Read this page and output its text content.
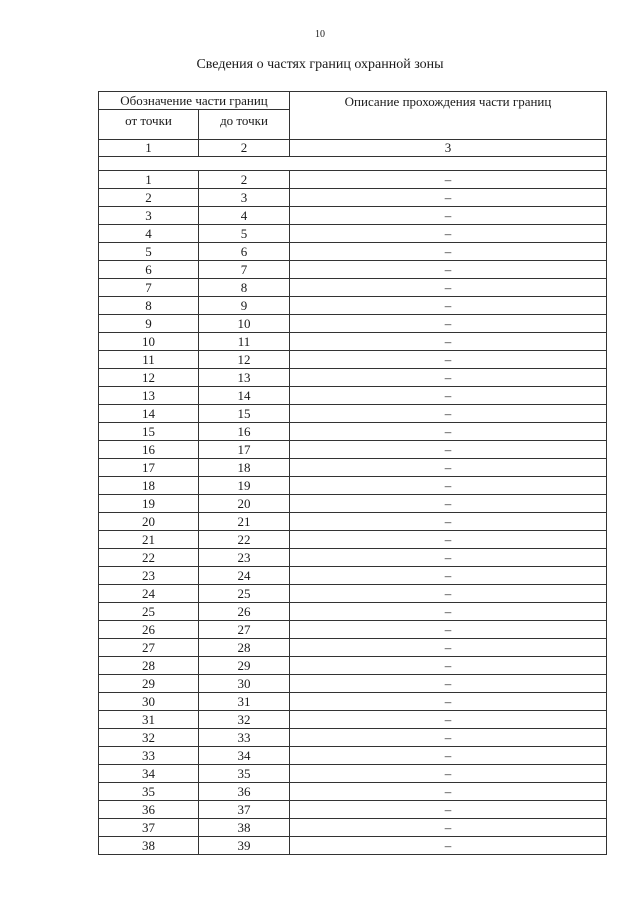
10
Сведения о частях границ охранной зоны
Обозначение части границ		Описание прохождения части границ
от точки	до точки	
1	2	3

1	2	–
2	3	–
3	4	–
4	5	–
5	6	–
6	7	–
7	8	–
8	9	–
9	10	–
10	11	–
11	12	–
12	13	–
13	14	–
14	15	–
15	16	–
16	17	–
17	18	–
18	19	–
19	20	–
20	21	–
21	22	–
22	23	–
23	24	–
24	25	–
25	26	–
26	27	–
27	28	–
28	29	–
29	30	–
30	31	–
31	32	–
32	33	–
33	34	–
34	35	–
35	36	–
36	37	–
37	38	–
38	39	–
